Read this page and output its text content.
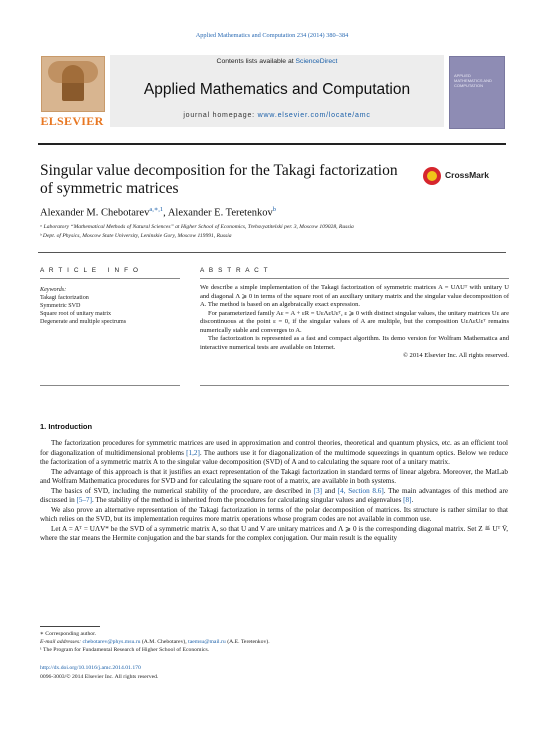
Applied Mathematics and Computation 234 (2014) 380–384
ELSEVIER
Contents lists available at ScienceDirect
Applied Mathematics and Computation
journal homepage: www.elsevier.com/locate/amc
APPLIED MATHEMATICS AND COMPUTATION
Singular value decomposition for the Takagi factorization
of symmetric matrices
CrossMark
Alexander M. Chebotarev$^{a,∗,1}$, Alexander E. Teretenkov$^b$
ᵃ Laboratory “Mathematical Methods of Natural Sciences” at Higher School of Economics, Trehsvyatitelski per. 3, Moscow 109028, Russia
ᵇ Dept. of Physics, Moscow State University, Leninskie Gory, Moscow 119991, Russia
A R T I C L E   I N F O	A B S T R A C T
Keywords:
Takagi factorization
Symmetric SVD
Square root of unitary matrix
Degenerate and multiple spectrums

We describe a simple implementation of the Takagi factorization of symmetric matrices A = UΛUᵀ with unitary U and diagonal Λ ⩾ 0 in terms of the square root of an auxiliary unitary matrix and the singular value decomposition of A. The method is based on an algebraically exact expression.

For parameterized family Aε = A + εR = UεΛεUεᵀ, ε ⩾ 0 with distinct singular values, the unitary matrices Uε are discontinuous at the point ε = 0, if the singular values of A are multiple, but the composition UεΛεUεᵀ remains numerically stable and converges to A.

The factorization is represented as a fast and compact algorithm. Its demo version for Wolfram Mathematica and interactive numerical tests are available on Internet.

© 2014 Elsevier Inc. All rights reserved.

1. Introduction

The factorization procedures for symmetric matrices are used in approximation and control theories, theoretical and quantum physics, etc. as an efficient tool for diagonalization of multidimensional problems [1,2]. The authors use it for diagonalization of the multimode squeezings in quantum optics. Below we reduce the factorization of a symmetric matrix A to the singular value decomposition (SVD) of A and to calculating the square root of a unitary matrix.

The advantage of this approach is that it justifies an exact representation of the Takagi factorization in standard terms of linear algebra. Moreover, the MatLab and Wolfram Mathematica procedures for SVD and for calculating the square root of a matrix, are available in both systems.

The basics of SVD, including the numerical stability of the procedure, are described in [3] and [4, Section 8.6]. The main advantages of this method are discussed in [5–7]. The stability of the method is inherited from the procedures for calculating singular values and eigenvalues [8].

We also prove an alternative representation of the Takagi factorization in terms of the polar decomposition of matrices. Its structure is rather similar to that which relies on the SVD, but its implementation requires more matrix operations whose program codes are not available in common use.

Let A = Aᵀ = UΛV* be the SVD of a symmetric matrix A, so that U and V are unitary matrices and Λ ⩾ 0 is the corresponding diagonal matrix. Set Z ≝ Uᵀ V̄, where the star means the Hermite conjugation and the bar stands for the complex conjugation. Our main result is the equality

∗ Corresponding author.

E-mail addresses: chebotarev@phys.msu.ru (A.M. Chebotarev), taemsu@mail.ru (A.E. Teretenkov).

¹ The Program for Fundamental Research of Higher School of Economics.

http://dx.doi.org/10.1016/j.amc.2014.01.170

0096-3003/© 2014 Elsevier Inc. All rights reserved.
